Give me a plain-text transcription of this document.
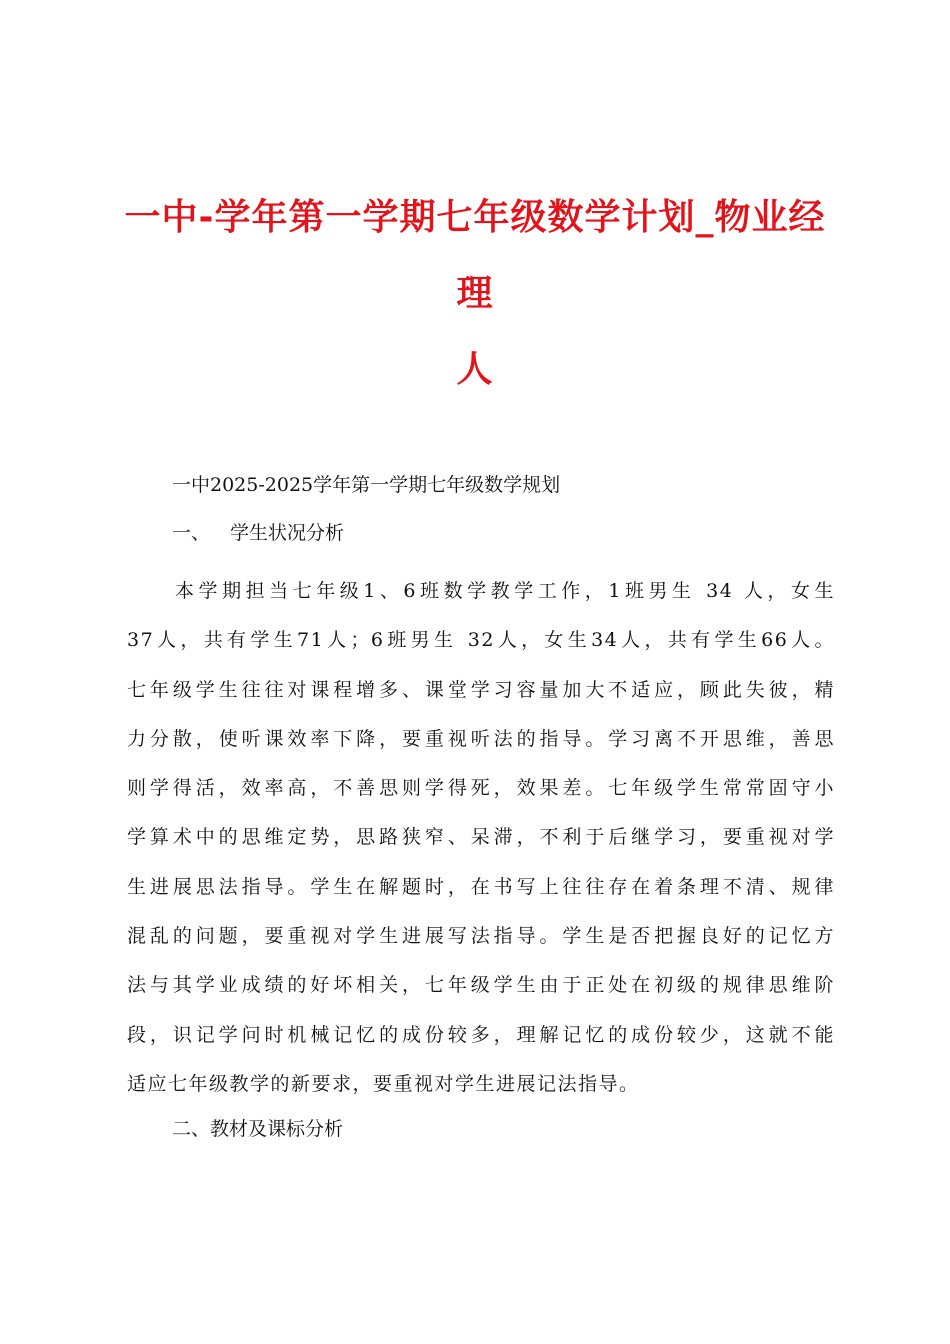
一中-学年第一学期七年级数学计划_物业经理
人

一中2025-2025学年第一学期七年级数学规划

一、 学生状况分析

本学期担当七年级1、6班数学教学工作，1班男生 34 人，女生
37人，共有学生71人；6班男生 32人，女生34人，共有学生66人。
七年级学生往往对课程增多、课堂学习容量加大不适应，顾此失彼，精
力分散，使听课效率下降，要重视听法的指导。学习离不开思维，善思
则学得活，效率高，不善思则学得死，效果差。七年级学生常常固守小
学算术中的思维定势，思路狭窄、呆滞，不利于后继学习，要重视对学
生进展思法指导。学生在解题时，在书写上往往存在着条理不清、规律
混乱的问题，要重视对学生进展写法指导。学生是否把握良好的记忆方
法与其学业成绩的好坏相关，七年级学生由于正处在初级的规律思维阶
段，识记学问时机械记忆的成份较多，理解记忆的成份较少，这就不能
适应七年级教学的新要求，要重视对学生进展记法指导。

二、教材及课标分析
